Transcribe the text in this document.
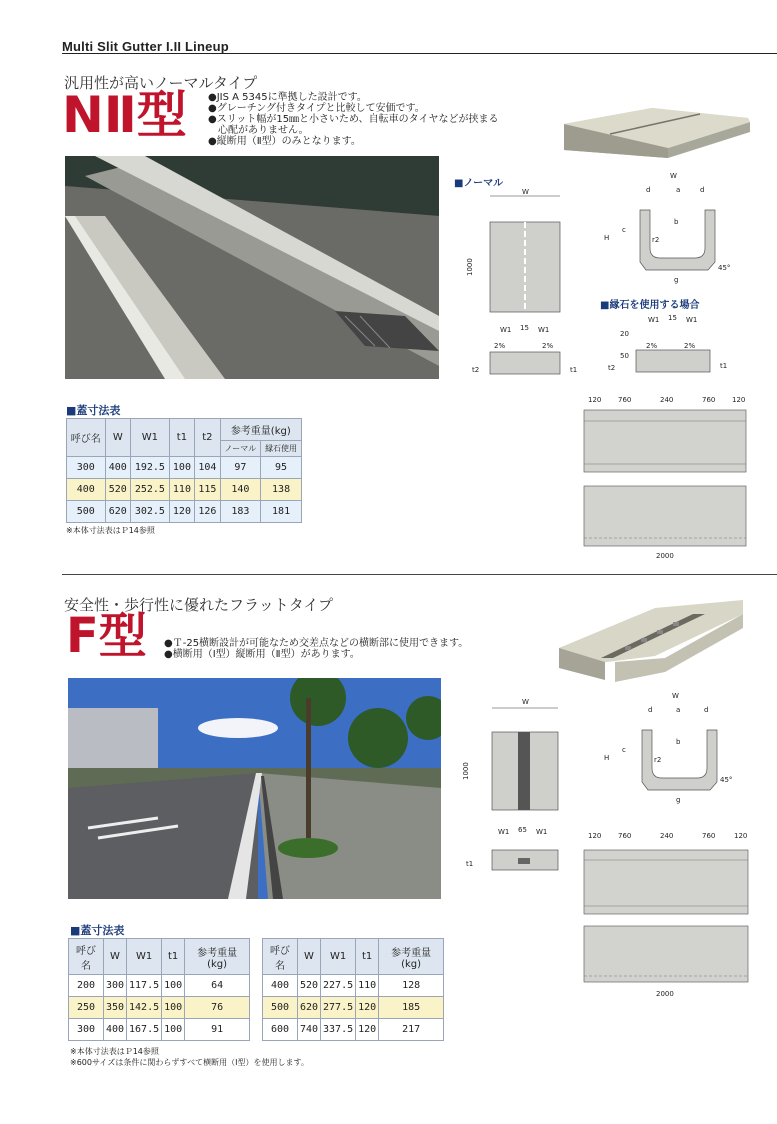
Multi Slit Gutter I.II Lineup
汎用性が高いノーマルタイプ
NⅡ型 ●JIS A 5345に準拠した設計です。
●グレーチング付きタイプと比較して安価です。
●スリット幅が15㎜と小さいため、自転車のタイヤなどが挟まる
　心配がありません。
●縦断用（Ⅱ型）のみとなります。
■ノーマル
W
1000
W1 15 W1
2%	2%
t2	t1
W
d	a	d
H
c
b
r2
g
45°
■縁石を使用する場合
W1 15 W1
20
2%	2%
50
t2	t1
■蓋寸法表
呼び名	W	W1	t1	t2	参考重量(kg)	
					ノーマル	縁石使用
300	400	192.5	100	104	97	95
400	520	252.5	110	115	140	138
500	620	302.5	120	126	183	181
※本体寸法表はＰ14参照
120 760	240	760 120
2000
安全性・歩行性に優れたフラットタイプ
F型 ●Ｔ-25横断設計が可能なため交差点などの横断部に使用できます。
●横断用（Ⅰ型）縦断用（Ⅱ型）があります。
W
1000
W1 65 W1
t1
W
d	a	d
H
c
b
r2
g
45°
120 760	240	760	120
2000
■蓋寸法表
呼び名	W	W1	t1	参考重量(kg)
200	300	117.5	100	64
250	350	142.5	100	76
300	400	167.5	100	91
呼び名	W	W1	t1	参考重量(kg)
400	520	227.5	110	128
500	620	277.5	120	185
600	740	337.5	120	217
※本体寸法表はＰ14参照
※600サイズは条件に関わらずすべて横断用（Ⅰ型）を使用します。
